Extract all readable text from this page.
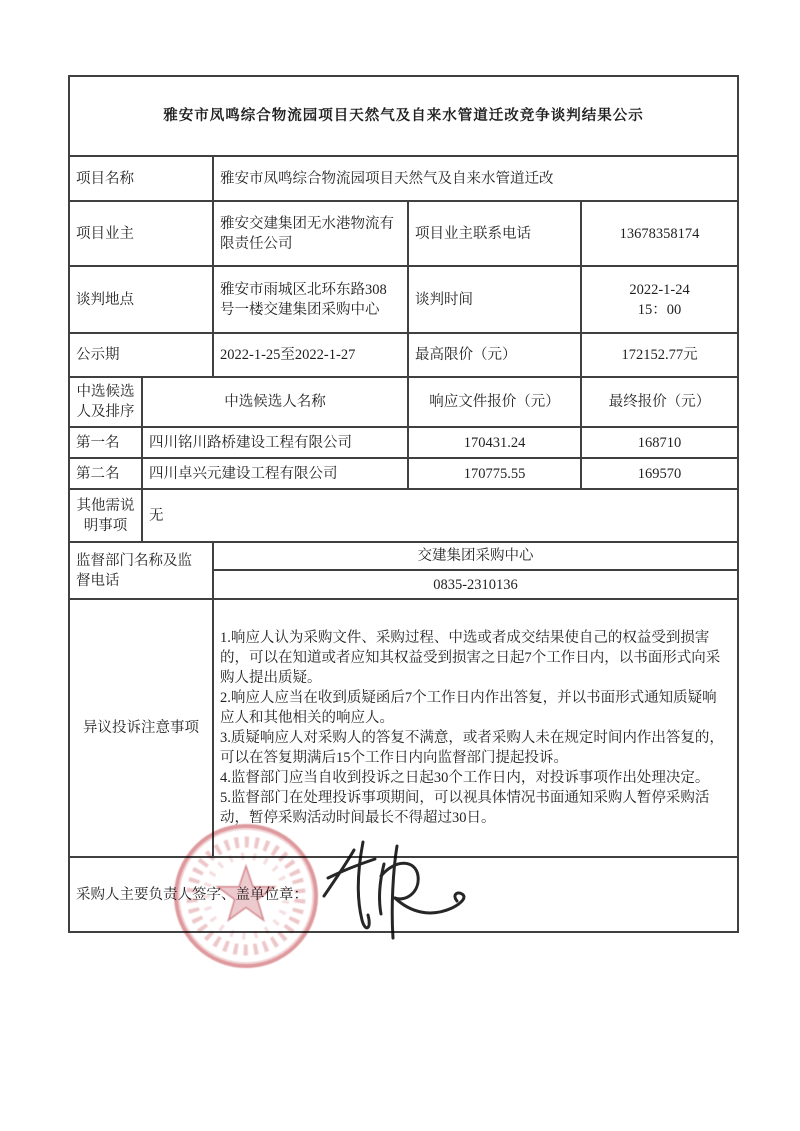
雅安市凤鸣综合物流园项目天然气及自来水管道迁改竞争谈判结果公示				
项目名称		雅安市凤鸣综合物流园项目天然气及自来水管道迁改		
项目业主		雅安交建集团无水港物流有限责任公司	项目业主联系电话	13678358174
谈判地点		雅安市雨城区北环东路308号一楼交建集团采购中心	谈判时间	2022-1-24
15：00

公示期		2022-1-25至2022-1-27	最高限价（元）	172152.77元
中选候选人及排序	中选候选人名称		响应文件报价（元）	最终报价（元）
第一名	四川铭川路桥建设工程有限公司		170431.24	168710
第二名	四川卓兴元建设工程有限公司		170775.55	169570
其他需说明事项	无			
监督部门名称及监督电话		交建集团采购中心		
		0835-2310136		
异议投诉注意事项		1.响应人认为采购文件、采购过程、中选或者成交结果使自己的权益受到损害的，可以在知道或者应知其权益受到损害之日起7个工作日内，以书面形式向采购人提出质疑。

2.响应人应当在收到质疑函后7个工作日内作出答复，并以书面形式通知质疑响应人和其他相关的响应人。

3.质疑响应人对采购人的答复不满意，或者采购人未在规定时间内作出答复的，可以在答复期满后15个工作日内向监督部门提起投诉。

4.监督部门应当自收到投诉之日起30个工作日内，对投诉事项作出处理决定。

5.监督部门在处理投诉事项期间，可以视具体情况书面通知采购人暂停采购活动，暂停采购活动时间最长不得超过30日。		

采购人主要负责人签字、盖单位章：				
